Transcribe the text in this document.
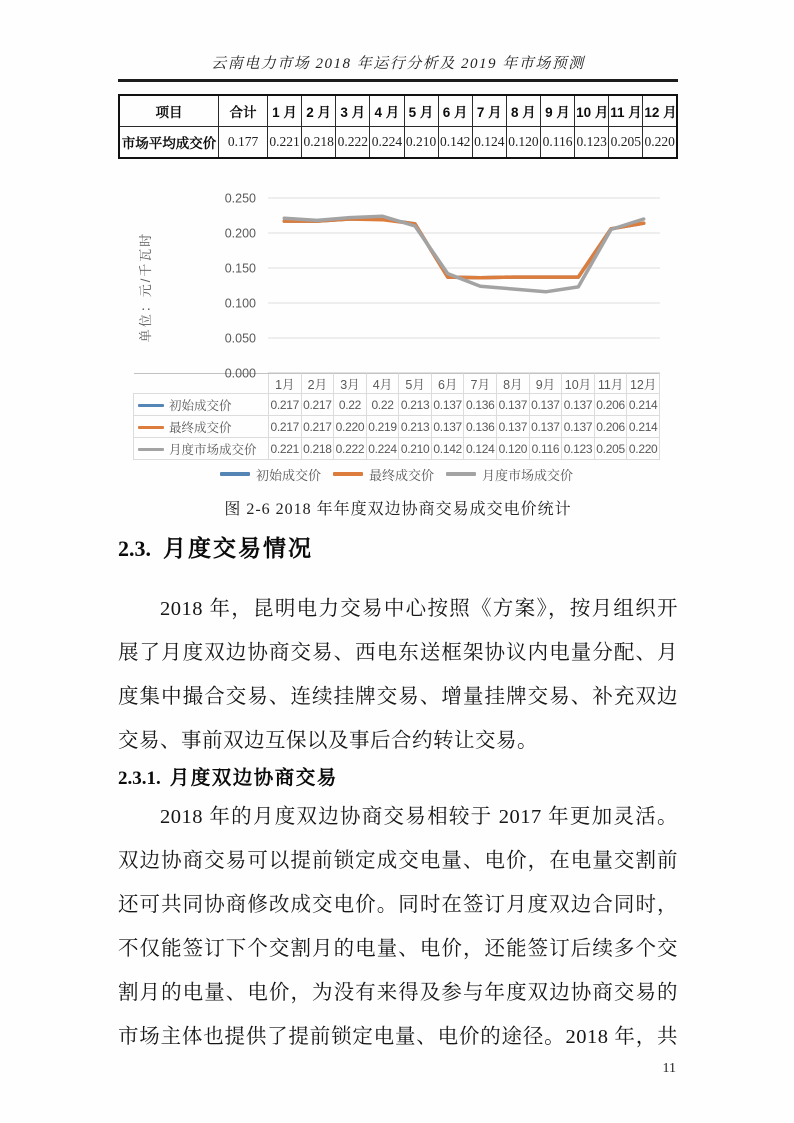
云南电力市场 2018 年运行分析及 2019 年市场预测
项目	合计	1 月	2 月	3 月	4 月	5 月	6 月	7 月	8 月	9 月	10 月	11 月	12 月
市场平均成交价	0.177	0.221	0.218	0.222	0.224	0.210	0.142	0.124	0.120	0.116	0.123	0.205	0.220
0.250
0.200
0.150
0.100
0.050
0.000
单位：元/千瓦时
	1月	2月	3月	4月	5月	6月	7月	8月	9月	10月	11月	12月
初始成交价	0.217	0.217	0.22	0.22	0.213	0.137	0.136	0.137	0.137	0.137	0.206	0.214
最终成交价	0.217	0.217	0.220	0.219	0.213	0.137	0.136	0.137	0.137	0.137	0.206	0.214
月度市场成交价	0.221	0.218	0.222	0.224	0.210	0.142	0.124	0.120	0.116	0.123	0.205	0.220
初始成交价	最终成交价	月度市场成交价
图 2-6 2018 年年度双边协商交易成交电价统计
2.3. 月度交易情况
2018 年，昆明电力交易中心按照《方案》，按月组织开
展了月度双边协商交易、西电东送框架协议内电量分配、月
度集中撮合交易、连续挂牌交易、增量挂牌交易、补充双边
交易、事前双边互保以及事后合约转让交易。
2.3.1. 月度双边协商交易
2018 年的月度双边协商交易相较于 2017 年更加灵活。
双边协商交易可以提前锁定成交电量、电价，在电量交割前
还可共同协商修改成交电价。同时在签订月度双边合同时，
不仅能签订下个交割月的电量、电价，还能签订后续多个交
割月的电量、电价，为没有来得及参与年度双边协商交易的
市场主体也提供了提前锁定电量、电价的途径。2018 年，共
11
